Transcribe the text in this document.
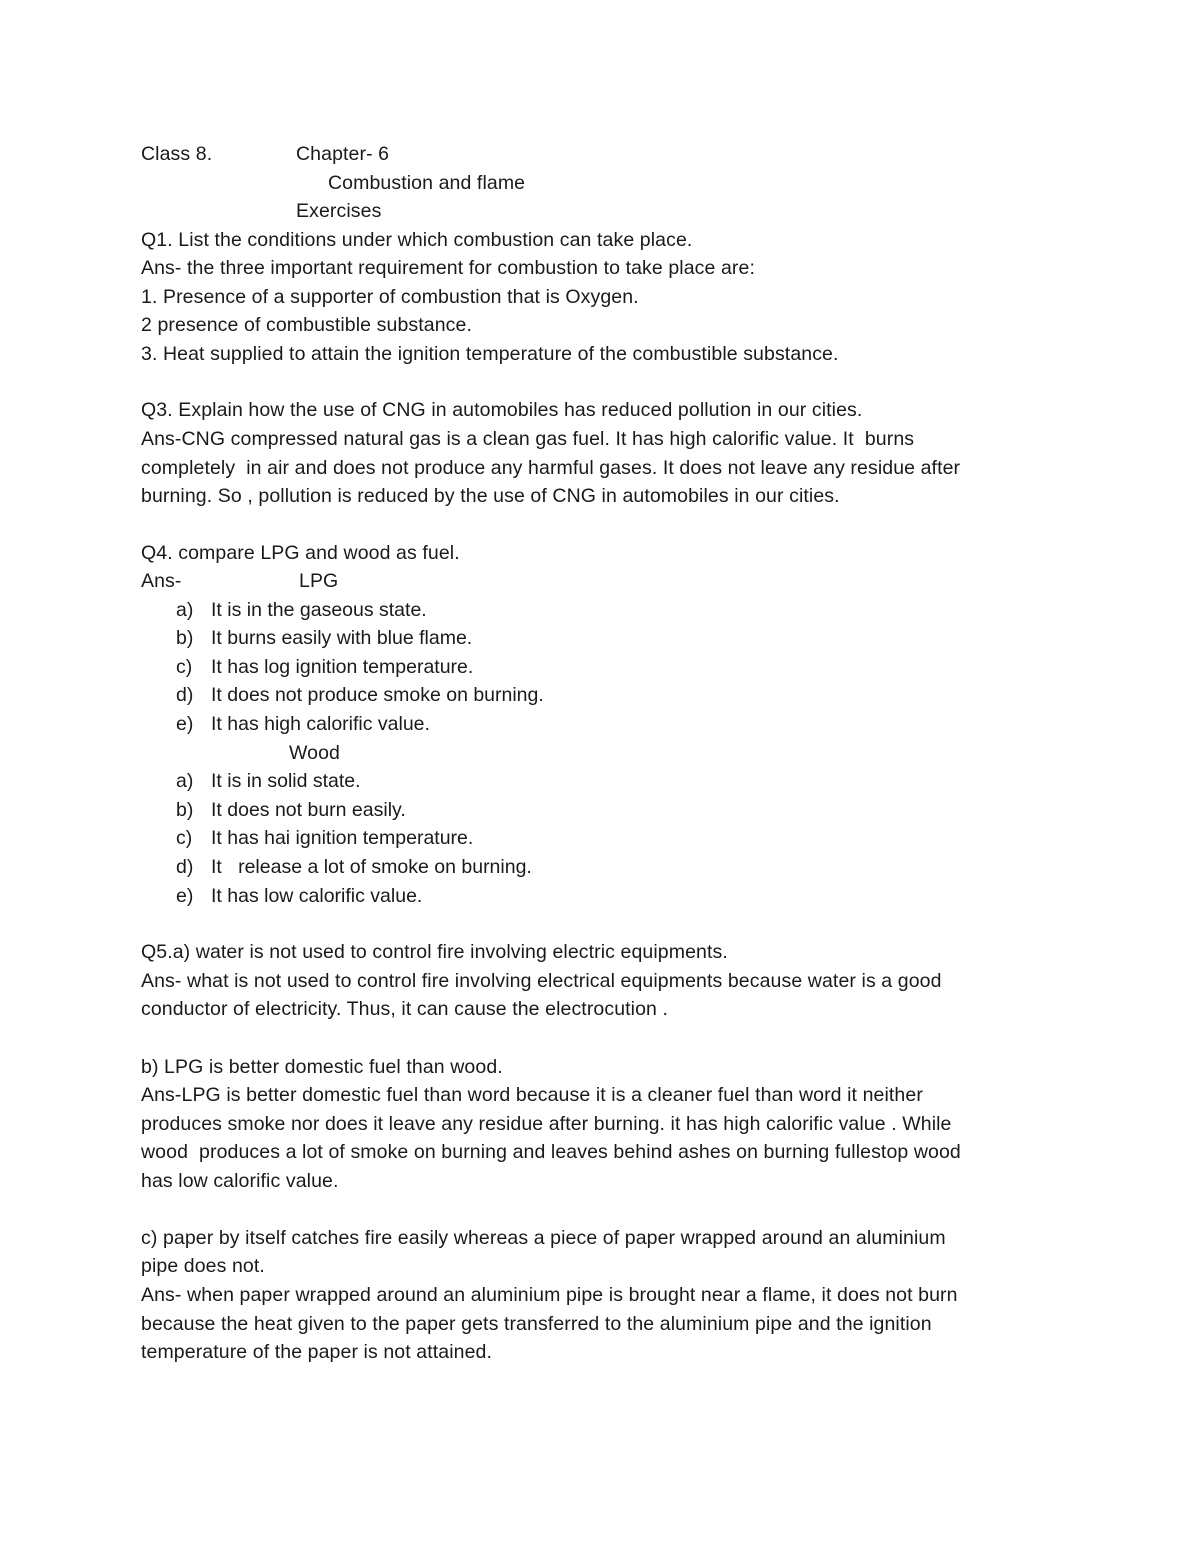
Class 8.	Chapter- 6
Combustion and flame
Exercises
Q1. List the conditions under which combustion can take place.
Ans- the three important requirement for combustion to take place are:
1. Presence of a supporter of combustion that is Oxygen.
2 presence of combustible substance.
3. Heat supplied to attain the ignition temperature of the combustible substance.
Q3. Explain how the use of CNG in automobiles has reduced pollution in our cities.
Ans-CNG compressed natural gas is a clean gas fuel. It has high calorific value. It  burns
completely  in air and does not produce any harmful gases. It does not leave any residue after
burning. So , pollution is reduced by the use of CNG in automobiles in our cities.
Q4. compare LPG and wood as fuel.
Ans-	LPG
a) It is in the gaseous state.
b) It burns easily with blue flame.
c) It has log ignition temperature.
d) It does not produce smoke on burning.
e) It has high calorific value.
Wood
a) It is in solid state.
b) It does not burn easily.
c) It has hai ignition temperature.
d) It   release a lot of smoke on burning.
e) It has low calorific value.
Q5.a) water is not used to control fire involving electric equipments.
Ans- what is not used to control fire involving electrical equipments because water is a good
conductor of electricity. Thus, it can cause the electrocution .
b) LPG is better domestic fuel than wood.
Ans-LPG is better domestic fuel than word because it is a cleaner fuel than word it neither
produces smoke nor does it leave any residue after burning. it has high calorific value . While
wood  produces a lot of smoke on burning and leaves behind ashes on burning fullestop wood
has low calorific value.
c) paper by itself catches fire easily whereas a piece of paper wrapped around an aluminium
pipe does not.
Ans- when paper wrapped around an aluminium pipe is brought near a flame, it does not burn
because the heat given to the paper gets transferred to the aluminium pipe and the ignition
temperature of the paper is not attained.
